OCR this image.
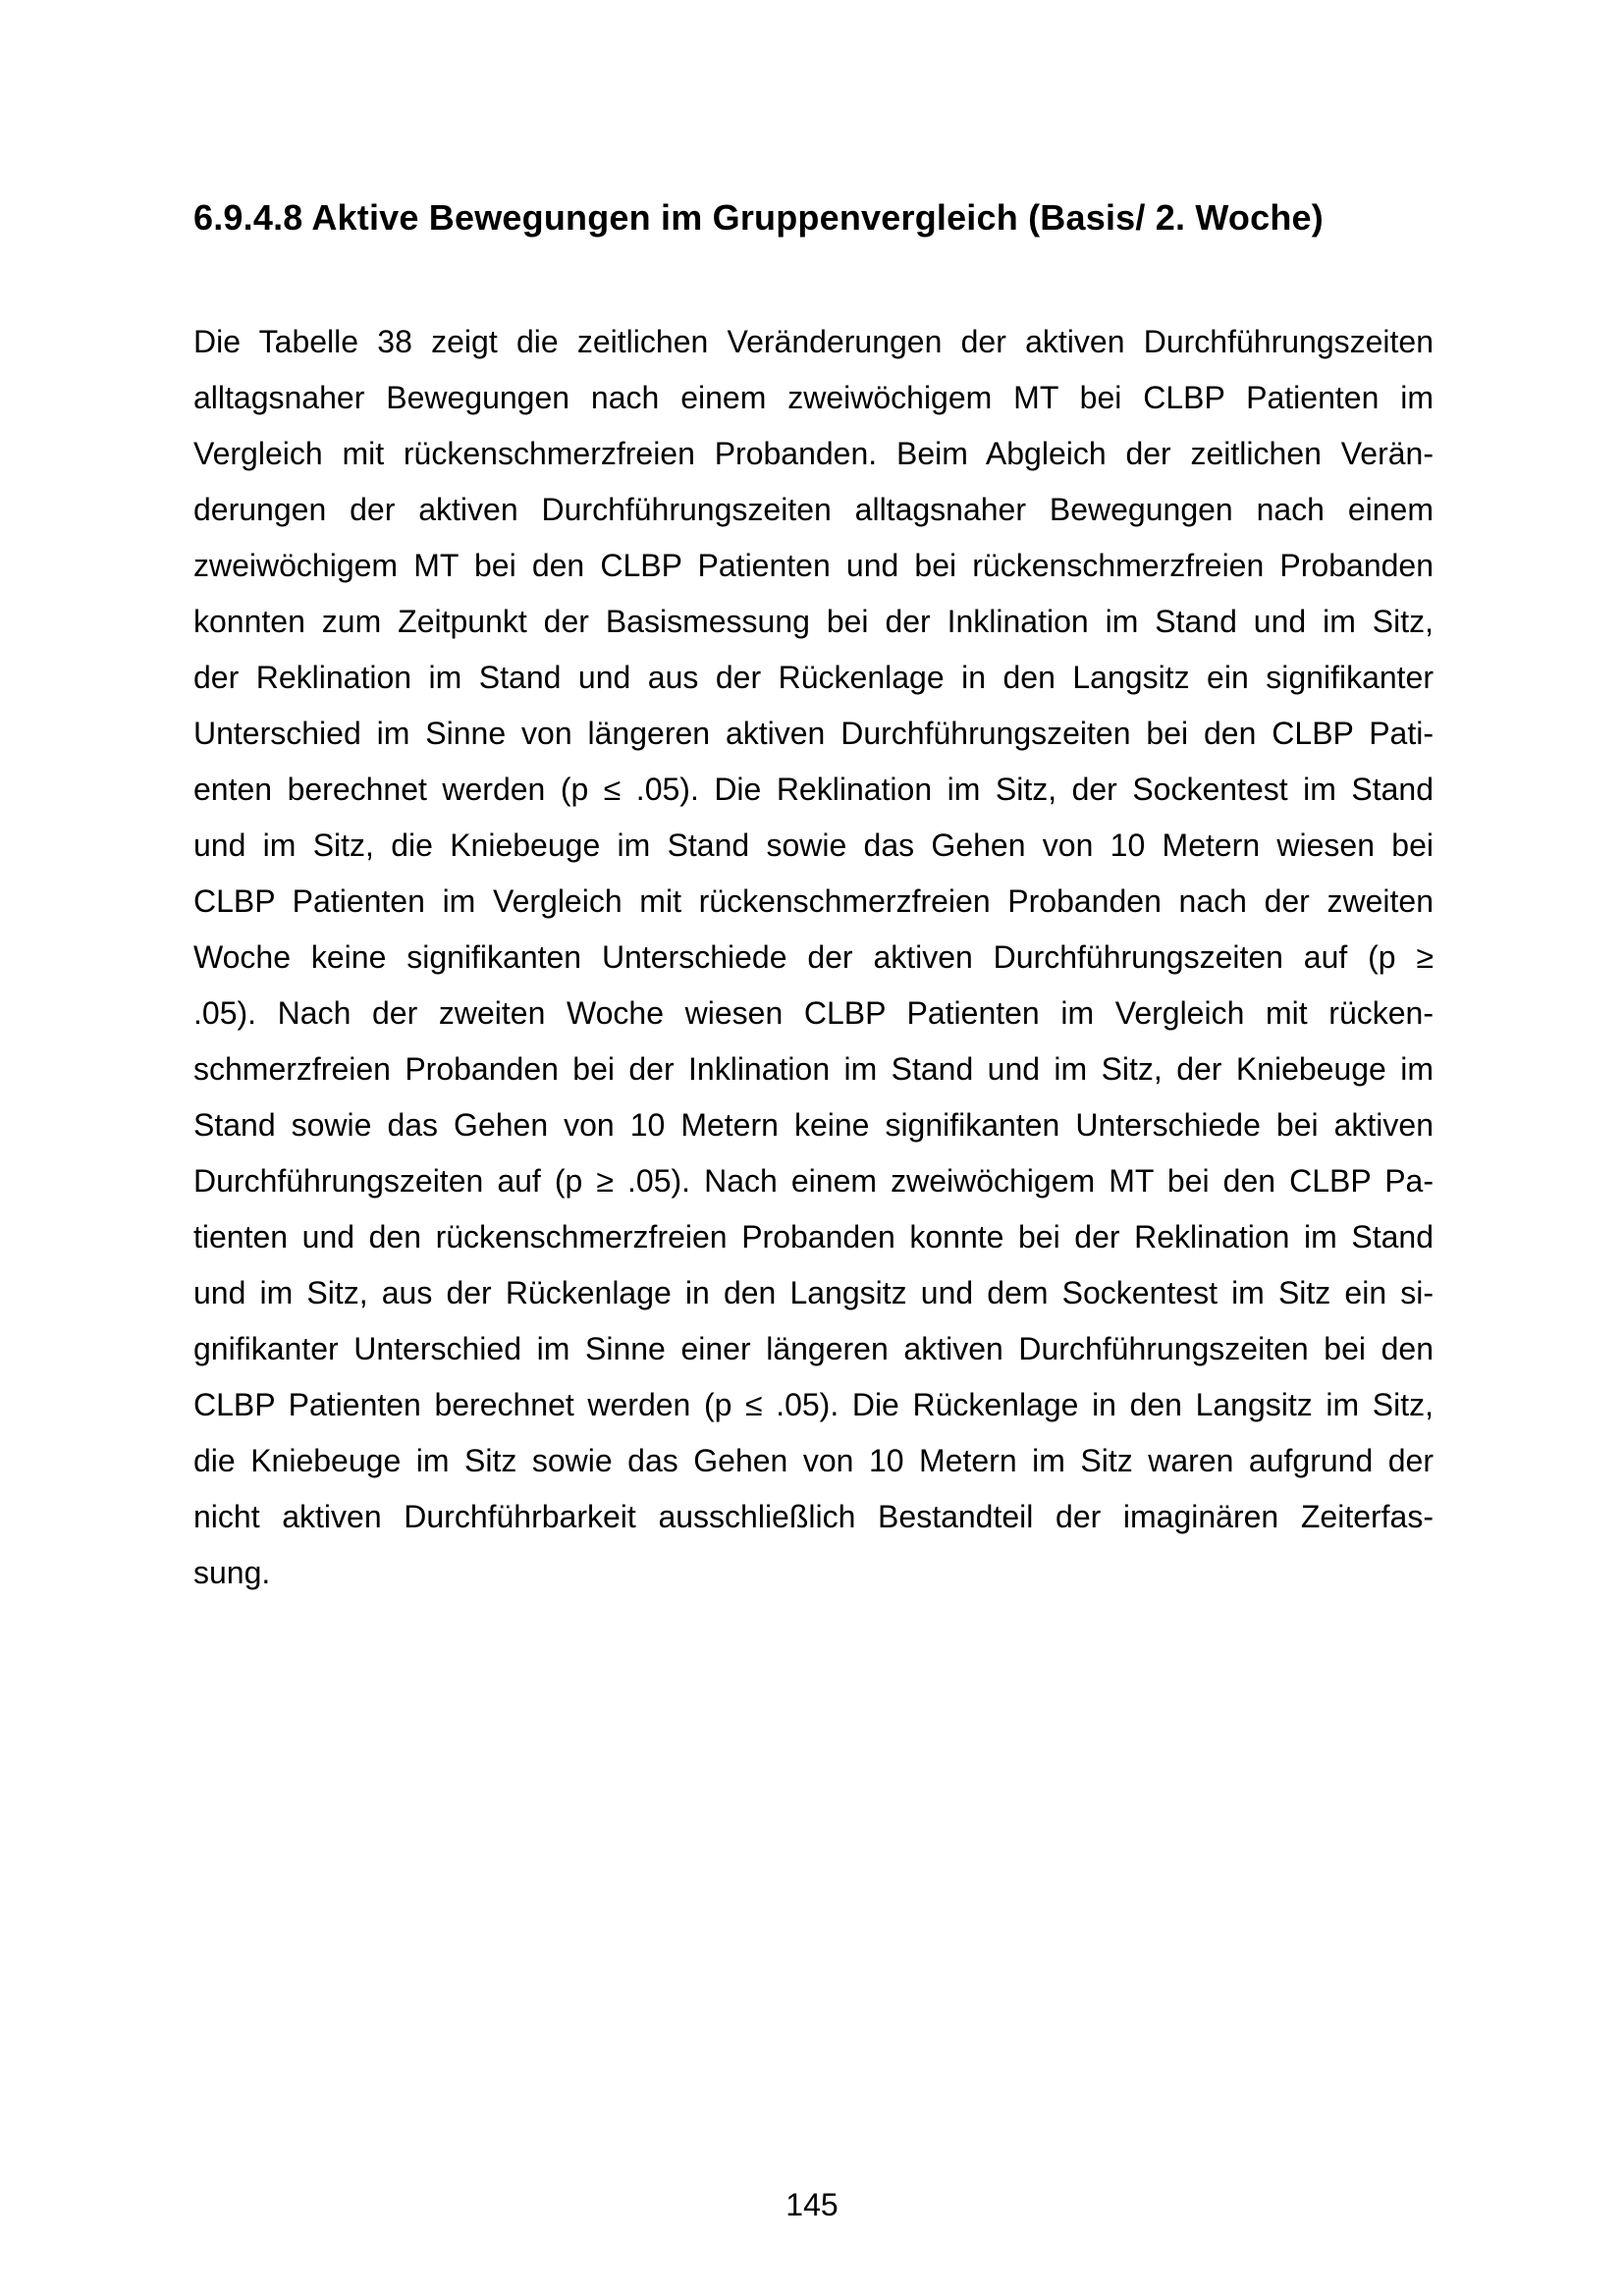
6.9.4.8 Aktive Bewegungen im Gruppenvergleich (Basis/ 2. Woche)
Die Tabelle 38 zeigt die zeitlichen Veränderungen der aktiven Durchführungszeiten
alltagsnaher Bewegungen nach einem zweiwöchigem MT bei CLBP Patienten im
Vergleich mit rückenschmerzfreien Probanden. Beim Abgleich der zeitlichen Verän-
derungen der aktiven Durchführungszeiten alltagsnaher Bewegungen nach einem
zweiwöchigem MT bei den CLBP Patienten und bei rückenschmerzfreien Probanden
konnten zum Zeitpunkt der Basismessung bei der Inklination im Stand und im Sitz,
der Reklination im Stand und aus der Rückenlage in den Langsitz ein signifikanter
Unterschied im Sinne von längeren aktiven Durchführungszeiten bei den CLBP Pati-
enten berechnet werden (p ≤ .05). Die Reklination im Sitz, der Sockentest im Stand
und im Sitz, die Kniebeuge im Stand sowie das Gehen von 10 Metern wiesen bei
CLBP Patienten im Vergleich mit rückenschmerzfreien Probanden nach der zweiten
Woche keine signifikanten Unterschiede der aktiven Durchführungszeiten auf (p ≥
.05). Nach der zweiten Woche wiesen CLBP Patienten im Vergleich mit rücken-
schmerzfreien Probanden bei der Inklination im Stand und im Sitz, der Kniebeuge im
Stand sowie das Gehen von 10 Metern keine signifikanten Unterschiede bei aktiven
Durchführungszeiten auf (p ≥ .05). Nach einem zweiwöchigem MT bei den CLBP Pa-
tienten und den rückenschmerzfreien Probanden konnte bei der Reklination im Stand
und im Sitz, aus der Rückenlage in den Langsitz und dem Sockentest im Sitz ein si-
gnifikanter Unterschied im Sinne einer längeren aktiven Durchführungszeiten bei den
CLBP Patienten berechnet werden (p ≤ .05). Die Rückenlage in den Langsitz im Sitz,
die Kniebeuge im Sitz sowie das Gehen von 10 Metern im Sitz waren aufgrund der
nicht aktiven Durchführbarkeit ausschließlich Bestandteil der imaginären Zeiterfas-
sung.
145
